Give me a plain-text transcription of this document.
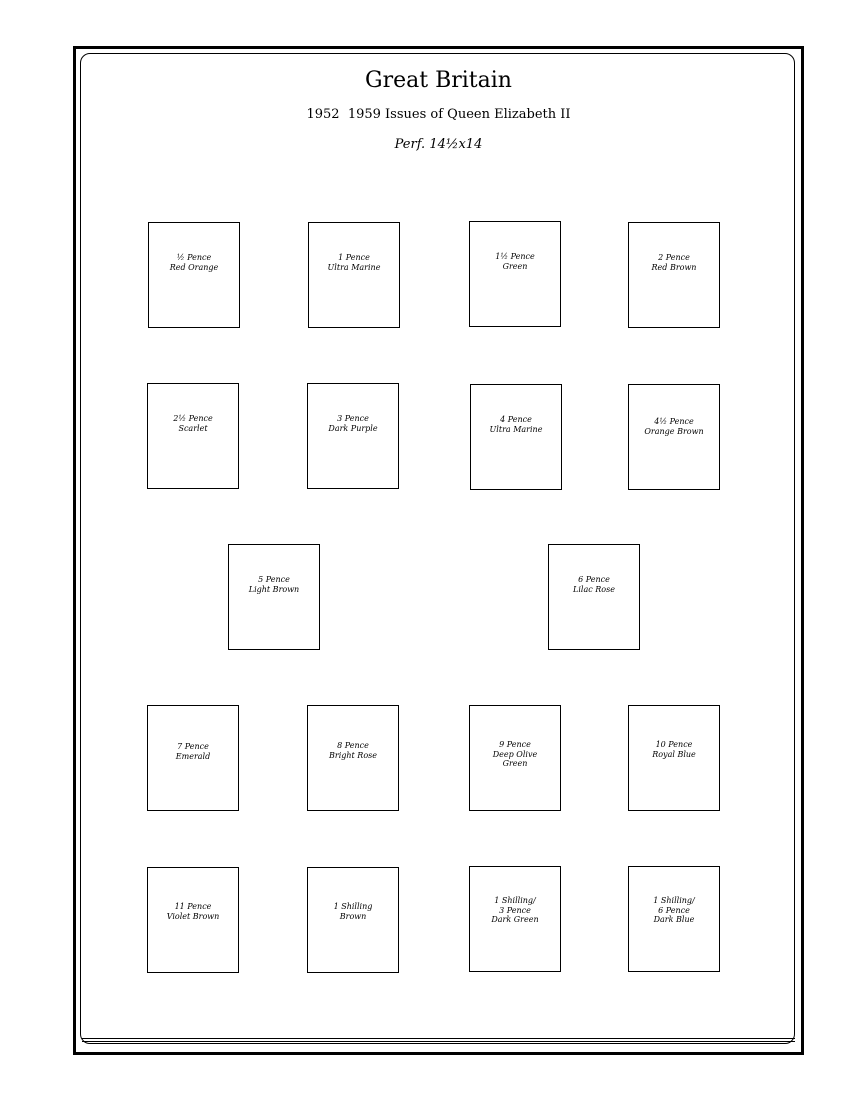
Great Britain
1952  1959 Issues of Queen Elizabeth II
Perf. 14½x14
½ Pence
Red Orange
1 Pence
Ultra Marine
1½ Pence
Green
2 Pence
Red Brown
2½ Pence
Scarlet
3 Pence
Dark Purple
4 Pence
Ultra Marine
4½ Pence
Orange Brown
5 Pence
Light Brown
6 Pence
Lilac Rose
7 Pence
Emerald
8 Pence
Bright Rose
9 Pence
Deep Olive
Green
10 Pence
Royal Blue
11 Pence
Violet Brown
1 Shilling
Brown
1 Shilling/
3 Pence
Dark Green
1 Shilling/
6 Pence
Dark Blue
